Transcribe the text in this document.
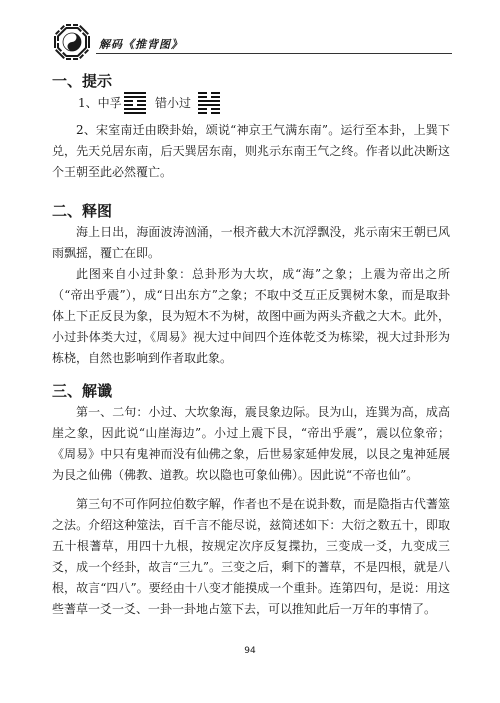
解码《推背图》
一、提示
1、中孚	错小过

2、宋室南迁由睽卦始，颂说“神京王气满东南”。运行至本卦，上巽下兑，先天兑居东南，后天巽居东南，则兆示东南王气之终。作者以此决断这个王朝至此必然覆亡。

二、释图

海上日出，海面波涛汹涌，一根齐截大木沉浮飘没，兆示南宋王朝已风雨飘摇，覆亡在即。

此图来自小过卦象：总卦形为大坎，成“海”之象；上震为帝出之所（“帝出乎震”），成“日出东方”之象；不取中爻互正反巽树木象，而是取卦体上下正反艮为象，艮为短木不为树，故图中画为两头齐截之大木。此外，小过卦体类大过，《周易》视大过中间四个连体乾爻为栋梁，视大过卦形为栋桡，自然也影响到作者取此象。

三、解谶

第一、二句：小过、大坎象海，震艮象边际。艮为山，连巽为高，成高崖之象，因此说“山崖海边”。小过上震下艮，“帝出乎震”，震以位象帝；《周易》中只有鬼神而没有仙佛之象，后世易家延伸发展，以艮之鬼神延展为艮之仙佛（佛教、道教。坎以隐也可象仙佛）。因此说“不帝也仙”。

第三句不可作阿拉伯数字解，作者也不是在说卦数，而是隐指古代蓍筮之法。介绍这种筮法，百千言不能尽说，兹简述如下：大衍之数五十，即取五十根蓍草，用四十九根，按规定次序反复揲扐，三变成一爻，九变成三爻，成一个经卦，故言“三九”。三变之后，剩下的蓍草，不是四根，就是八根，故言“四八”。要经由十八变才能摸成一个重卦。连第四句，是说：用这些蓍草一爻一爻、一卦一卦地占筮下去，可以推知此后一万年的事情了。

94
